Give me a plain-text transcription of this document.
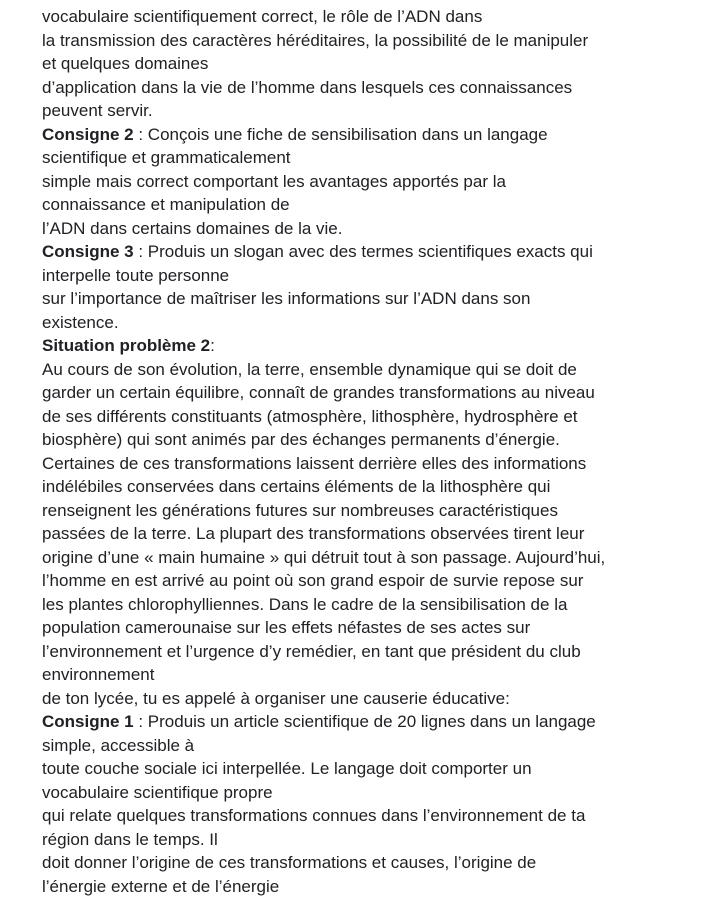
vocabulaire scientifiquement correct, le rôle de l’ADN dans
la transmission des caractères héréditaires, la possibilité de le manipuler
et quelques domaines
d’application dans la vie de l’homme dans lesquels ces connaissances
peuvent servir.
Consigne 2 : Conçois une fiche de sensibilisation dans un langage
scientifique et grammaticalement
simple mais correct comportant les avantages apportés par la
connaissance et manipulation de
l’ADN dans certains domaines de la vie.
Consigne 3 : Produis un slogan avec des termes scientifiques exacts qui
interpelle toute personne
sur l’importance de maîtriser les informations sur l’ADN dans son
existence.
Situation problème 2:
Au cours de son évolution, la terre, ensemble dynamique qui se doit de
garder un certain équilibre, connaît de grandes transformations au niveau
de ses différents constituants (atmosphère, lithosphère, hydrosphère et
biosphère) qui sont animés par des échanges permanents d’énergie.
Certaines de ces transformations laissent derrière elles des informations
indélébiles conservées dans certains éléments de la lithosphère qui
renseignent les générations futures sur nombreuses caractéristiques
passées de la terre. La plupart des transformations observées tirent leur
origine d’une « main humaine » qui détruit tout à son passage. Aujourd’hui,
l’homme en est arrivé au point où son grand espoir de survie repose sur
les plantes chlorophylliennes. Dans le cadre de la sensibilisation de la
population camerounaise sur les effets néfastes de ses actes sur
l’environnement et l’urgence d’y remédier, en tant que président du club
environnement
de ton lycée, tu es appelé à organiser une causerie éducative:
Consigne 1 : Produis un article scientifique de 20 lignes dans un langage
simple, accessible à
toute couche sociale ici interpellée. Le langage doit comporter un
vocabulaire scientifique propre
qui relate quelques transformations connues dans l’environnement de ta
région dans le temps. Il
doit donner l’origine de ces transformations et causes, l’origine de
l’énergie externe et de l’énergie
